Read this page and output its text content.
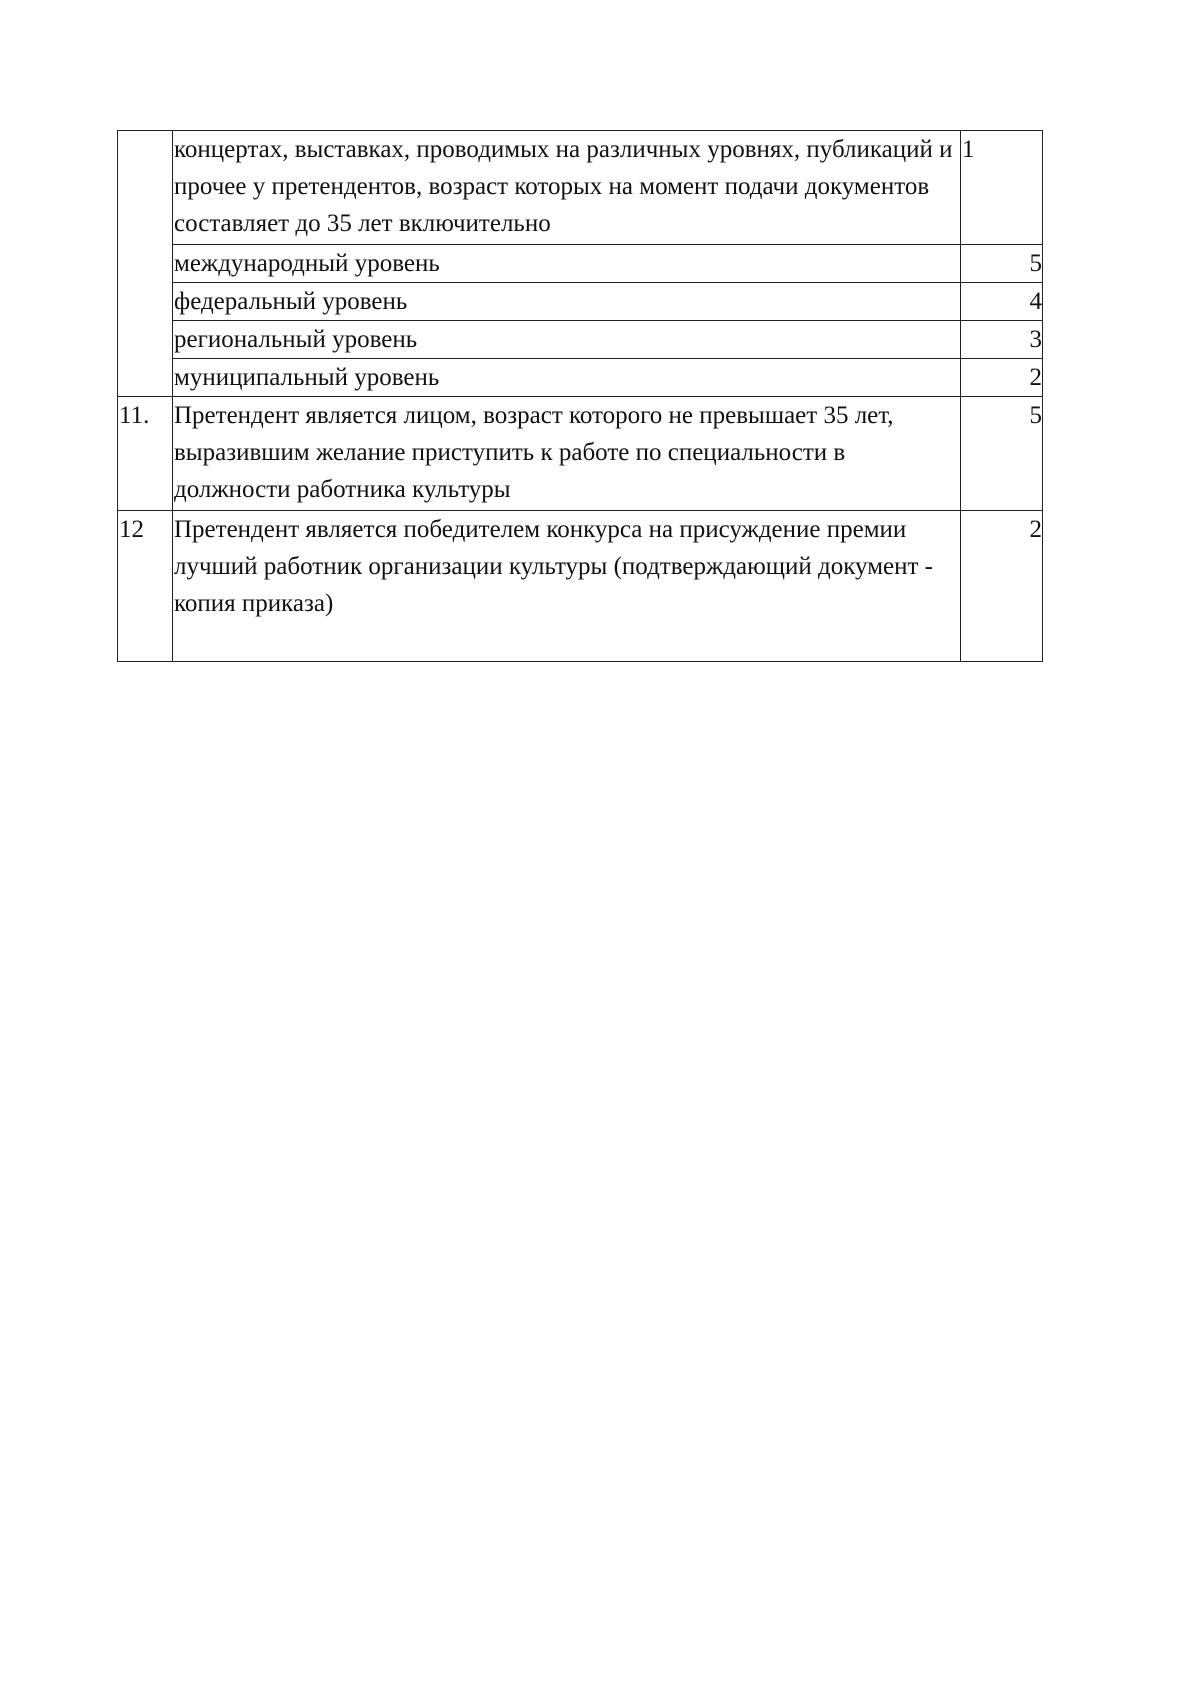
	концертах, выставках, проводимых на различных уровнях, публикаций и прочее у претендентов, возраст которых на момент подачи документов составляет до 35 лет включительно	1
	международный уровень	5
	федеральный уровень	4
	региональный уровень	3
	муниципальный уровень	2
11.	Претендент является лицом, возраст которого не превышает 35 лет, выразившим желание приступить к работе по специальности в должности работника культуры	5
12	Претендент является победителем конкурса на присуждение премии лучший работник организации культуры (подтверждающий документ - копия приказа)	2
